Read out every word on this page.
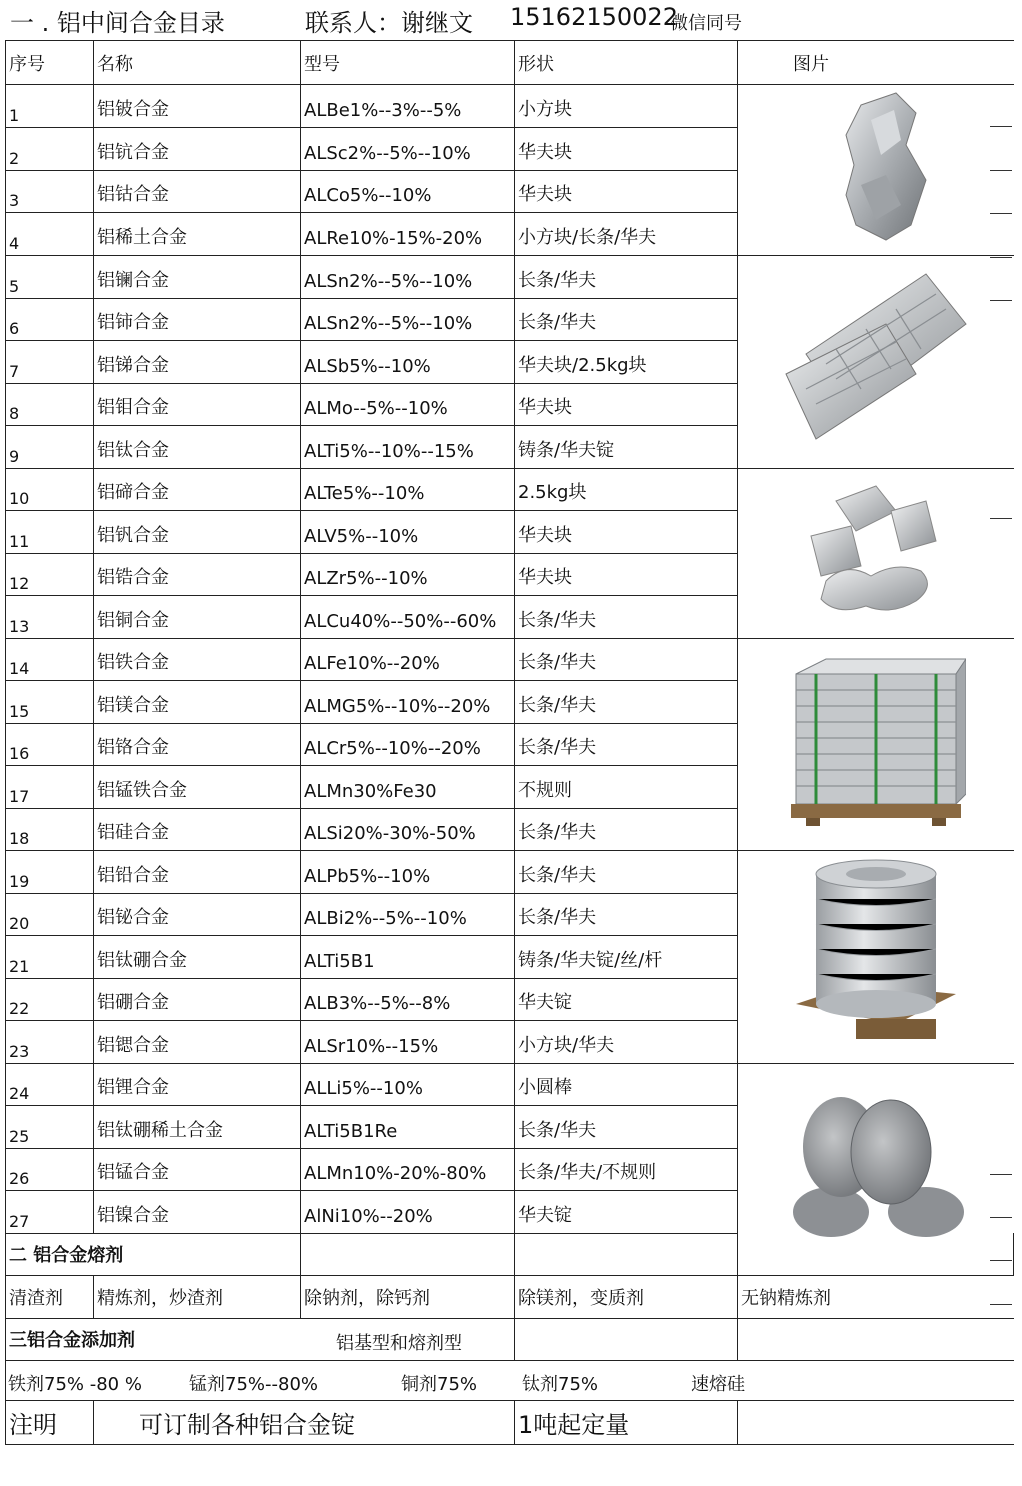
一 . 铝中间合金目录	联系人：谢继文 15162150022
微信同号
序号	名称	型号	形状	图片	
1	铝铍合金	ALBe1%--3%--5%	小方块	
2	铝钪合金	ALSc2%--5%--10%	华夫块		
3	铝钴合金	ALCo5%--10%	华夫块		
4	铝稀土合金	ALRe10%-15%-20%	小方块/长条/华夫		
5	铝镧合金	ALSn2%--5%--10%	长条/华夫	
6	铝铈合金	ALSn2%--5%--10%	长条/华夫		
7	铝锑合金	ALSb5%--10%	华夫块/2.5kg块		
8	铝钼合金	ALMo--5%--10%	华夫块		
9	铝钛合金	ALTi5%--10%--15%	铸条/华夫锭		
10	铝碲合金	ALTe5%--10%	2.5kg块	
11	铝钒合金	ALV5%--10%	华夫块		
12	铝锆合金	ALZr5%--10%	华夫块		
13	铝铜合金	ALCu40%--50%--60%	长条/华夫		
14	铝铁合金	ALFe10%--20%	长条/华夫	
15	铝镁合金	ALMG5%--10%--20%	长条/华夫		
16	铝铬合金	ALCr5%--10%--20%	长条/华夫		
17	铝锰铁合金	ALMn30%Fe30	不规则		
18	铝硅合金	ALSi20%-30%-50%	长条/华夫		
19	铝铅合金	ALPb5%--10%	长条/华夫	
20	铝铋合金	ALBi2%--5%--10%	长条/华夫		
21	铝钛硼合金	ALTi5B1	铸条/华夫锭/丝/杆		
22	铝硼合金	ALB3%--5%--8%	华夫锭		
23	铝锶合金	ALSr10%--15%	小方块/华夫		
24	铝锂合金	ALLi5%--10%	小圆棒	
25	铝钛硼稀土合金	ALTi5B1Re	长条/华夫		
26	铝锰合金	ALMn10%-20%-80%	长条/华夫/不规则		
27	铝镍合金	AlNi10%--20%	华夫锭		
二 铝合金熔剂					
清渣剂	精炼剂，炒渣剂	除钠剂，除钙剂	除镁剂，变质剂	无钠精炼剂	
三铝合金添加剂 铝基型和熔剂型					

铁剂75% -80 % 锰剂75%--80% 铜剂75% 钛剂75% 速熔硅					

注明	可订制各种铝合金锭		1吨起定量		
